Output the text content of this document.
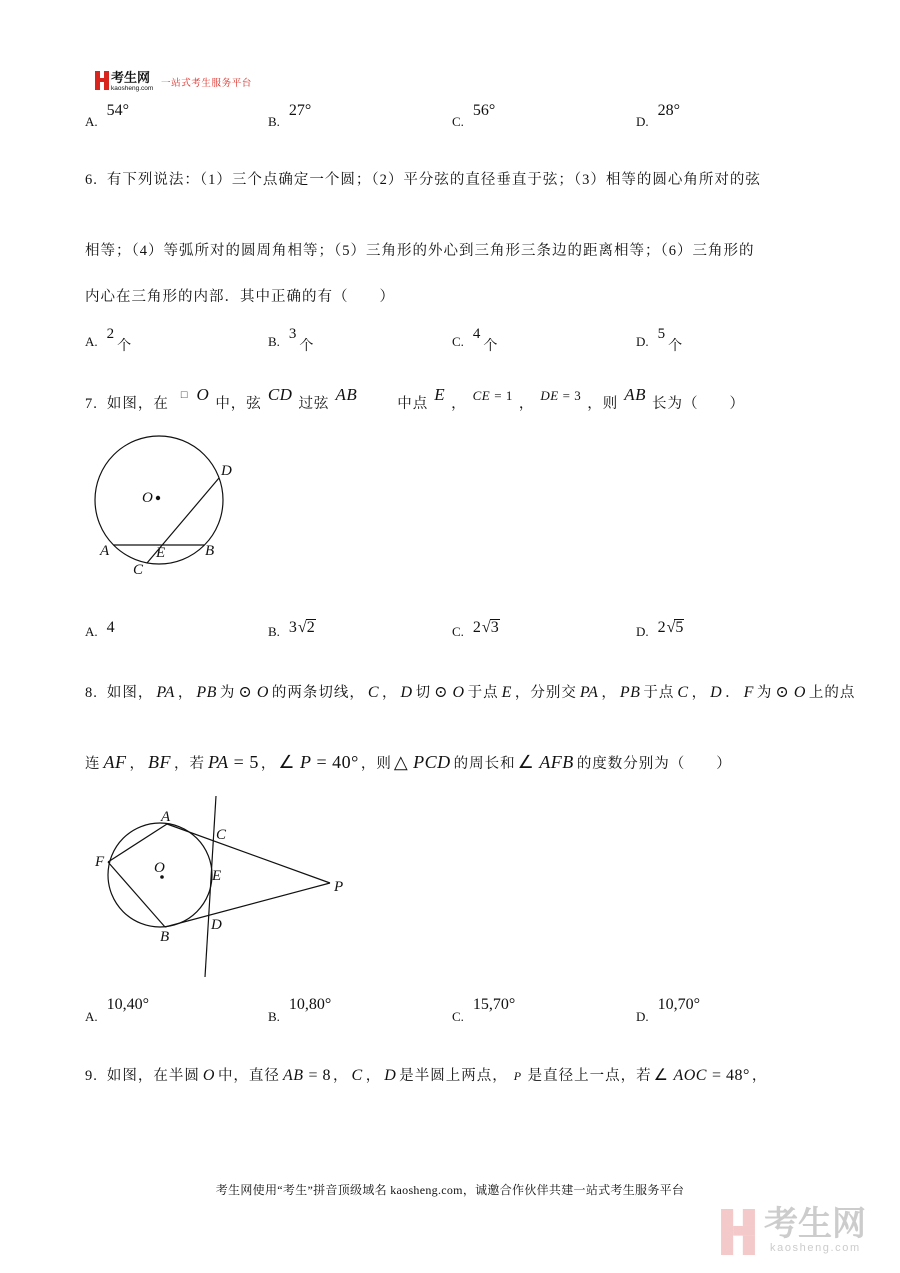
考生网
kaosheng.com 一站式考生服务平台
A.54°
B.27°
C.56°
D.28°
6. 有下列说法：（1）三个点确定一个圆；（2）平分弦的直径垂直于弦；（3）相等的圆心角所对的弦
相等；（4）等弧所对的圆周角相等；（5）三角形的外心到三角形三条边的距离相等；（6）三角形的
内心在三角形的内部．其中正确的有（　　）
A. 2个	B. 3个	C. 4个	D. 5个
7. 如图，在 □ O 中，弦 CD 过弦 AB	中点 E ， $^{CE}$ $^{= 1}$ ， $^{DE}$ $^{= 3}$ ，则 AB 长为（　　）
O
D
A	E	B
C
A. 4	B. 3√2	C. 2√3	D. 2√5
8. 如图， PA ， PB 为 ⊙ O 的两条切线， C ， D 切 ⊙ O 于点 E ，分别交 PA ， PB 于点 C ， D ． F 为 ⊙ O 上的点
连 AF ， BF ，若 PA = 5 ， ∠ P = 40° ， 则 △ PCD 的周长和 ∠ AFB 的度数分别为（　　）
A
C
F	O	E
P
B
D
A.10,40°
B.10,80°
C.15,70°
D.10,70°
9. 如图，在半圆 O 中，直径 AB = 8 ， C ， D 是半圆上两点， P 是直径上一点，若 ∠ AOC = 48° ，
考生网使用“考生”拼音顶级域名 kaosheng.com，诚邀合作伙伴共建一站式考生服务平台
考生网
kaosheng.com
